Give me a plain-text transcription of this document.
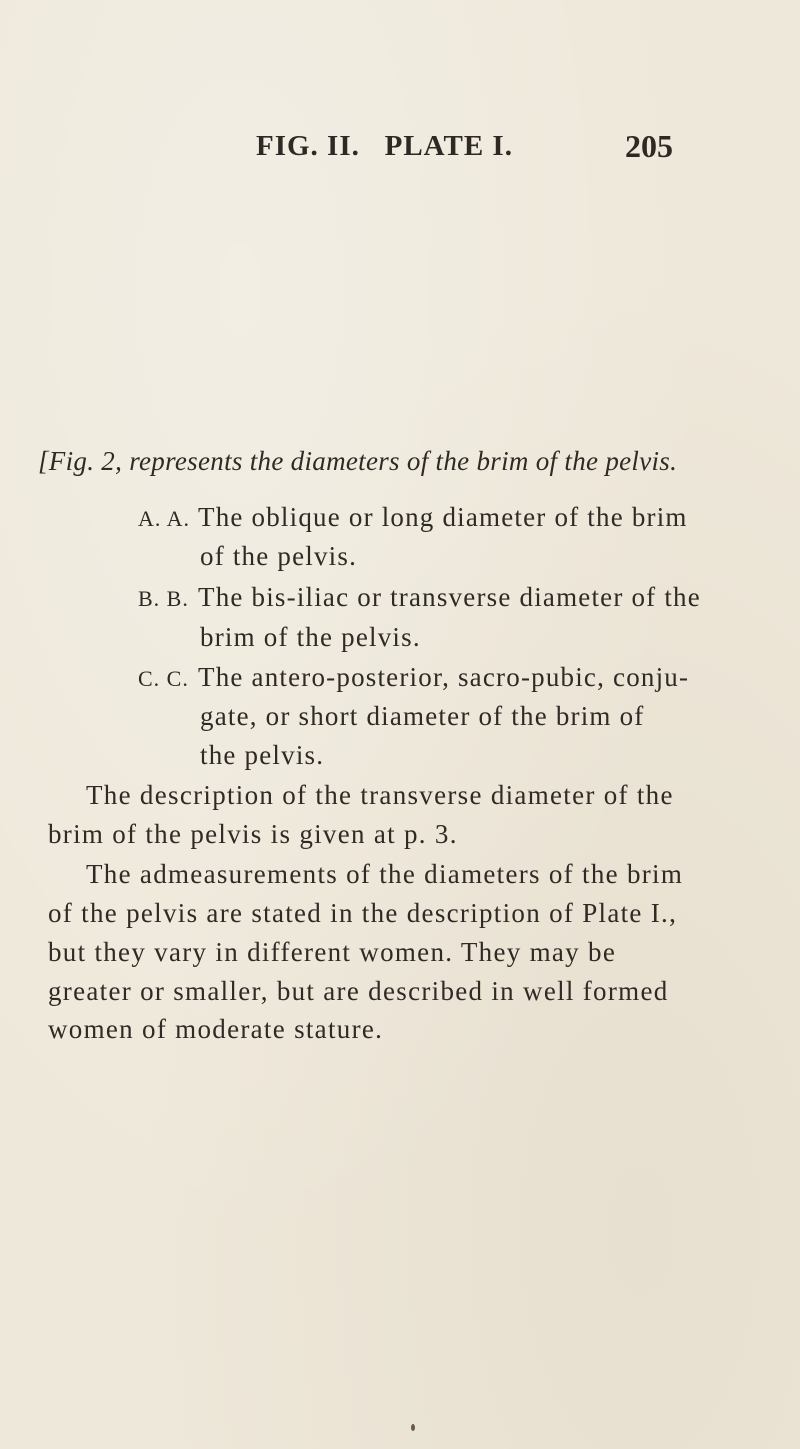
FIG. II.   PLATE I.	205
[Fig. 2, represents the diameters of the brim of the pelvis.
A. A. The oblique or long diameter of the brim
of the pelvis.
B. B. The bis-iliac or transverse diameter of the
brim of the pelvis.
C. C. The antero-posterior, sacro-pubic, conju-
gate, or short diameter of the brim of
the pelvis.
The description of the transverse diameter of the
brim of the pelvis is given at p. 3.
The admeasurements of the diameters of the brim
of the pelvis are stated in the description of Plate I.,
but they vary in different women. They may be
greater or smaller, but are described in well formed
women of moderate stature.
